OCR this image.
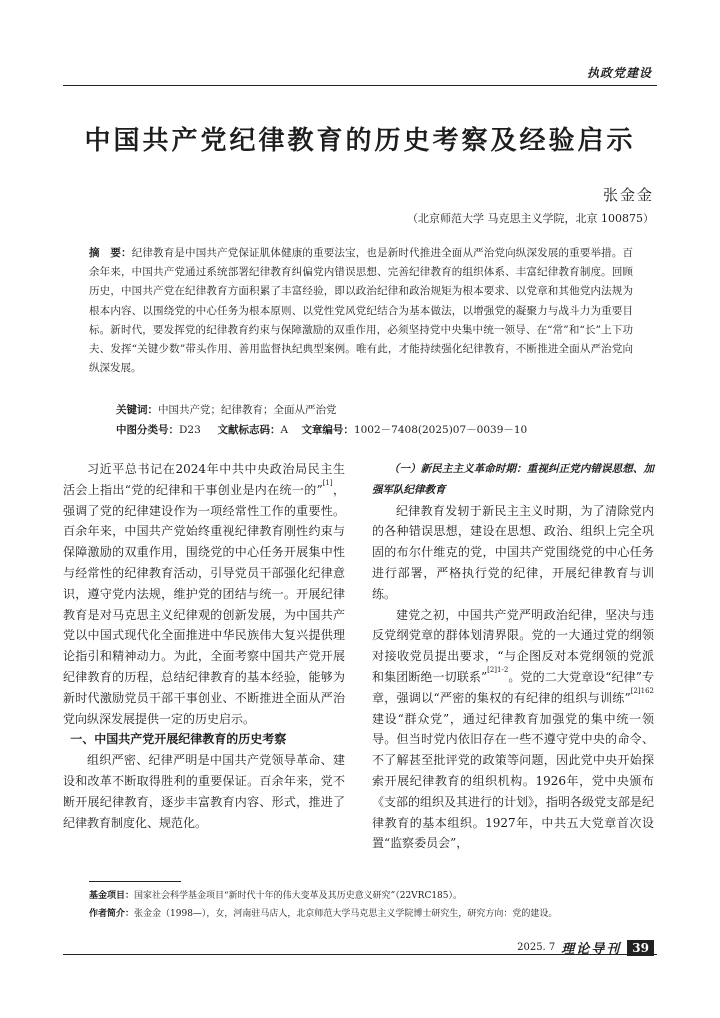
执政党建设
中国共产党纪律教育的历史考察及经验启示
张金金
（北京师范大学 马克思主义学院，北京 100875）
摘　要：纪律教育是中国共产党保证肌体健康的重要法宝，也是新时代推进全面从严治党向纵深发展的重要举措。百余年来，中国共产党通过系统部署纪律教育纠偏党内错误思想、完善纪律教育的组织体系、丰富纪律教育制度。回顾历史，中国共产党在纪律教育方面积累了丰富经验，即以政治纪律和政治规矩为根本要求、以党章和其他党内法规为根本内容、以围绕党的中心任务为根本原则、以党性党风党纪结合为基本做法，以增强党的凝聚力与战斗力为重要目标。新时代，要发挥党的纪律教育约束与保障激励的双重作用，必须坚持党中央集中统一领导、在“常”和“长”上下功夫、发挥“关键少数”带头作用、善用监督执纪典型案例。唯有此，才能持续强化纪律教育，不断推进全面从严治党向纵深发展。
关键词：中国共产党；纪律教育；全面从严治党
中图分类号：D23 文献标志码：A 文章编号：1002－7408(2025)07－0039－10

习近平总书记在2024年中共中央政治局民主生活会上指出“党的纪律和干事创业是内在统一的”[1]，强调了党的纪律建设作为一项经常性工作的重要性。百余年来，中国共产党始终重视纪律教育刚性约束与保障激励的双重作用，围绕党的中心任务开展集中性与经常性的纪律教育活动，引导党员干部强化纪律意识，遵守党内法规，维护党的团结与统一。开展纪律教育是对马克思主义纪律观的创新发展，为中国共产党以中国式现代化全面推进中华民族伟大复兴提供理论指引和精神动力。为此，全面考察中国共产党开展纪律教育的历程，总结纪律教育的基本经验，能够为新时代激励党员干部干事创业、不断推进全面从严治党向纵深发展提供一定的历史启示。

一、中国共产党开展纪律教育的历史考察

组织严密、纪律严明是中国共产党领导革命、建设和改革不断取得胜利的重要保证。百余年来，党不断开展纪律教育，逐步丰富教育内容、形式，推进了纪律教育制度化、规范化。

（一）新民主主义革命时期：重视纠正党内错误思想、加强军队纪律教育

纪律教育发轫于新民主主义时期，为了清除党内的各种错误思想，建设在思想、政治、组织上完全巩固的布尔什维克的党，中国共产党围绕党的中心任务进行部署，严格执行党的纪律，开展纪律教育与训练。

建党之初，中国共产党严明政治纪律，坚决与违反党纲党章的群体划清界限。党的一大通过党的纲领对接收党员提出要求，“与企图反对本党纲领的党派和集团断绝一切联系”$^{[2]1-2}$。党的二大党章设“纪律”专章，强调以“严密的集权的有纪律的组织与训练”$^{[2]162}$建设“群众党”，通过纪律教育加强党的集中统一领导。但当时党内依旧存在一些不遵守党中央的命令、不了解甚至批评党的政策等问题，因此党中央开始探索开展纪律教育的组织机构。1926年，党中央颁布《支部的组织及其进行的计划》，指明各级党支部是纪律教育的基本组织。1927年，中共五大党章首次设置“监察委员会”，

基金项目：国家社会科学基金项目“新时代十年的伟大变革及其历史意义研究”（22VRC185）。
作者简介：张金金（1998—），女，河南驻马店人，北京师范大学马克思主义学院博士研究生，研究方向：党的建设。
2025. 7 理论导刊 39
